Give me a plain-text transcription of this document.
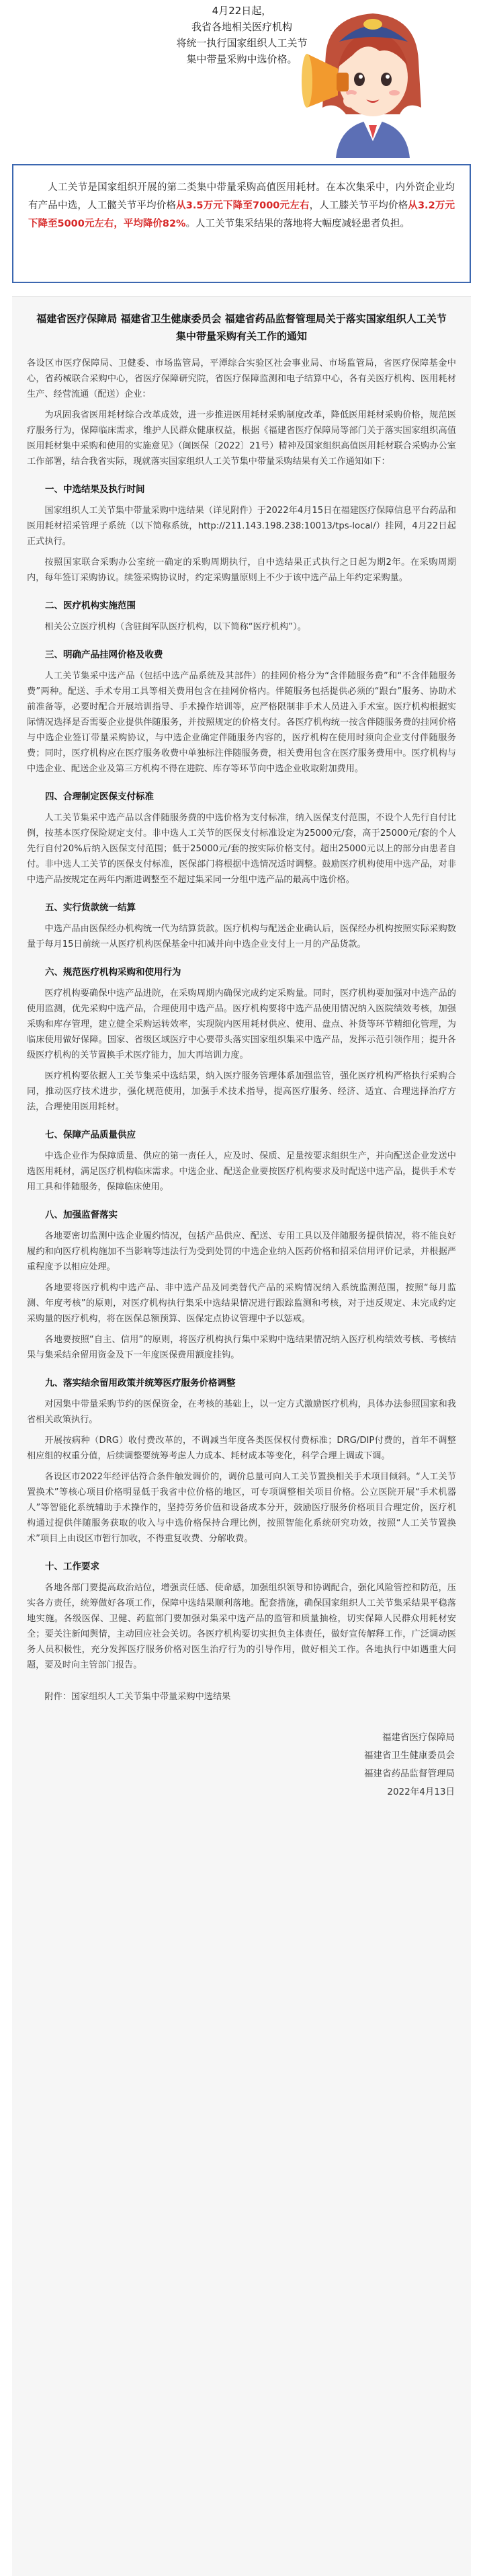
4月22日起，
我省各地相关医疗机构
将统一执行国家组织人工关节
集中带量采购中选价格。
人工关节是国家组织开展的第二类集中带量采购高值医用耗材。在本次集采中，内外资企业均有产品中选，人工髋关节平均价格从3.5万元下降至7000元左右，人工膝关节平均价格从3.2万元下降至5000元左右，平均降价82%。人工关节集采结果的落地将大幅度减轻患者负担。
福建省医疗保障局 福建省卫生健康委员会 福建省药品监督管理局关于落实国家组织人工关节集中带量采购有关工作的通知
各设区市医疗保障局、卫健委、市场监管局，平潭综合实验区社会事业局、市场监管局，省医疗保障基金中心，省药械联合采购中心，省医疗保障研究院，省医疗保障监测和电子结算中心，各有关医疗机构、医用耗材生产、经营流通（配送）企业：
为巩固我省医用耗材综合改革成效，进一步推进医用耗材采购制度改革，降低医用耗材采购价格，规范医疗服务行为，保障临床需求，维护人民群众健康权益，根据《福建省医疗保障局等部门关于落实国家组织高值医用耗材集中采购和使用的实施意见》（闽医保〔2022〕21号）精神及国家组织高值医用耗材联合采购办公室工作部署，结合我省实际，现就落实国家组织人工关节集中带量采购结果有关工作通知如下：
一、中选结果及执行时间
国家组织人工关节集中带量采购中选结果（详见附件）于2022年4月15日在福建医疗保障信息平台药品和医用耗材招采管理子系统（以下简称系统，http://211.143.198.238:10013/tps-local/）挂网，4月22日起正式执行。
按照国家联合采购办公室统一确定的采购周期执行，自中选结果正式执行之日起为期2年。在采购周期内，每年签订采购协议。续签采购协议时，约定采购量原则上不少于该中选产品上年约定采购量。
二、医疗机构实施范围
相关公立医疗机构（含驻闽军队医疗机构，以下简称“医疗机构”）。
三、明确产品挂网价格及收费
人工关节集采中选产品（包括中选产品系统及其部件）的挂网价格分为“含伴随服务费”和“不含伴随服务费”两种。配送、手术专用工具等相关费用包含在挂网价格内。伴随服务包括提供必须的“跟台”服务、协助术前准备等，必要时配合开展培训指导、手术操作培训等，应严格限制非手术人员进入手术室。医疗机构根据实际情况选择是否需要企业提供伴随服务，并按照规定的价格支付。各医疗机构统一按含伴随服务费的挂网价格与中选企业签订带量采购协议，与中选企业确定伴随服务内容的，医疗机构在使用时须向企业支付伴随服务费；同时，医疗机构应在医疗服务收费中单独标注伴随服务费，相关费用包含在医疗服务费用中。医疗机构与中选企业、配送企业及第三方机构不得在进院、库存等环节向中选企业收取附加费用。
四、合理制定医保支付标准
人工关节集采中选产品以含伴随服务费的中选价格为支付标准，纳入医保支付范围，不设个人先行自付比例，按基本医疗保险规定支付。非中选人工关节的医保支付标准设定为25000元/套，高于25000元/套的个人先行自付20%后纳入医保支付范围；低于25000元/套的按实际价格支付。超出25000元以上的部分由患者自付。非中选人工关节的医保支付标准，医保部门将根据中选情况适时调整。鼓励医疗机构使用中选产品，对非中选产品按规定在两年内渐进调整至不超过集采同一分组中选产品的最高中选价格。
五、实行货款统一结算
中选产品由医保经办机构统一代为结算货款。医疗机构与配送企业确认后，医保经办机构按照实际采购数量于每月15日前统一从医疗机构医保基金中扣减并向中选企业支付上一月的产品货款。
六、规范医疗机构采购和使用行为
医疗机构要确保中选产品进院，在采购周期内确保完成约定采购量。同时，医疗机构要加强对中选产品的使用监测，优先采购中选产品，合理使用中选产品。医疗机构要将中选产品使用情况纳入医院绩效考核，加强采购和库存管理，建立健全采购运转效率，实现院内医用耗材供应、使用、盘点、补货等环节精细化管理，为临床使用做好保障。国家、省级区域医疗中心要带头落实国家组织集采中选产品，发挥示范引领作用；提升各级医疗机构的关节置换手术医疗能力，加大再培训力度。
医疗机构要依据人工关节集采中选结果，纳入医疗服务管理体系加强监管，强化医疗机构严格执行采购合同，推动医疗技术进步，强化规范使用，加强手术技术指导，提高医疗服务、经济、适宜、合理选择治疗方法，合理使用医用耗材。
七、保障产品质量供应
中选企业作为保障质量、供应的第一责任人，应及时、保质、足量按要求组织生产，并向配送企业发送中选医用耗材，满足医疗机构临床需求。中选企业、配送企业要按医疗机构要求及时配送中选产品，提供手术专用工具和伴随服务，保障临床使用。
八、加强监督落实
各地要密切监测中选企业履约情况，包括产品供应、配送、专用工具以及伴随服务提供情况，将不能良好履约和向医疗机构施加不当影响等违法行为受到处罚的中选企业纳入医药价格和招采信用评价记录，并根据严重程度予以相应处理。
各地要将医疗机构中选产品、非中选产品及同类替代产品的采购情况纳入系统监测范围，按照“每月监测、年度考核”的原则，对医疗机构执行集采中选结果情况进行跟踪监测和考核，对于违反规定、未完成约定采购量的医疗机构，将在医保总额预算、医保定点协议管理中予以惩戒。
各地要按照“自主、信用”的原则，将医疗机构执行集中采购中选结果情况纳入医疗机构绩效考核、考核结果与集采结余留用资金及下一年度医保费用额度挂钩。
九、落实结余留用政策并统筹医疗服务价格调整
对因集中带量采购节约的医保资金，在考核的基础上，以一定方式激励医疗机构，具体办法参照国家和我省相关政策执行。
开展按病种（DRG）收付费改革的，不调减当年度各类医保权付费标准；DRG/DIP付费的，首年不调整相应组的权重分值，后续调整要统筹考虑人力成本、耗材成本等变化，科学合理上调或下调。
各设区市2022年经评估符合条件触发调价的，调价总量可向人工关节置换相关手术项目倾斜。“人工关节置换术”等核心项目价格明显低于我省中位价格的地区，可专项调整相关项目价格。公立医院开展“手术机器人”等智能化系统辅助手术操作的，坚持劳务价值和设备成本分开，鼓励医疗服务价格项目合理定价，医疗机构通过提供伴随服务获取的收入与中选价格保持合理比例，按照智能化系统研究功效，按照“人工关节置换术”项目上由设区市暂行加收，不得重复收费、分解收费。
十、工作要求
各地各部门要提高政治站位，增强责任感、使命感，加强组织领导和协调配合，强化风险管控和防范，压实各方责任，统筹做好各项工作，保障中选结果顺利落地。配套措施，确保国家组织人工关节集采结果平稳落地实施。各级医保、卫健、药监部门要加强对集采中选产品的监管和质量抽检，切实保障人民群众用耗材安全；要关注新闻舆情，主动回应社会关切。各医疗机构要切实担负主体责任，做好宣传解释工作，广泛调动医务人员积极性，充分发挥医疗服务价格对医生治疗行为的引导作用，做好相关工作。各地执行中如遇重大问题，要及时向主管部门报告。
附件：国家组织人工关节集中带量采购中选结果
福建省医疗保障局
福建省卫生健康委员会
福建省药品监督管理局
2022年4月13日
